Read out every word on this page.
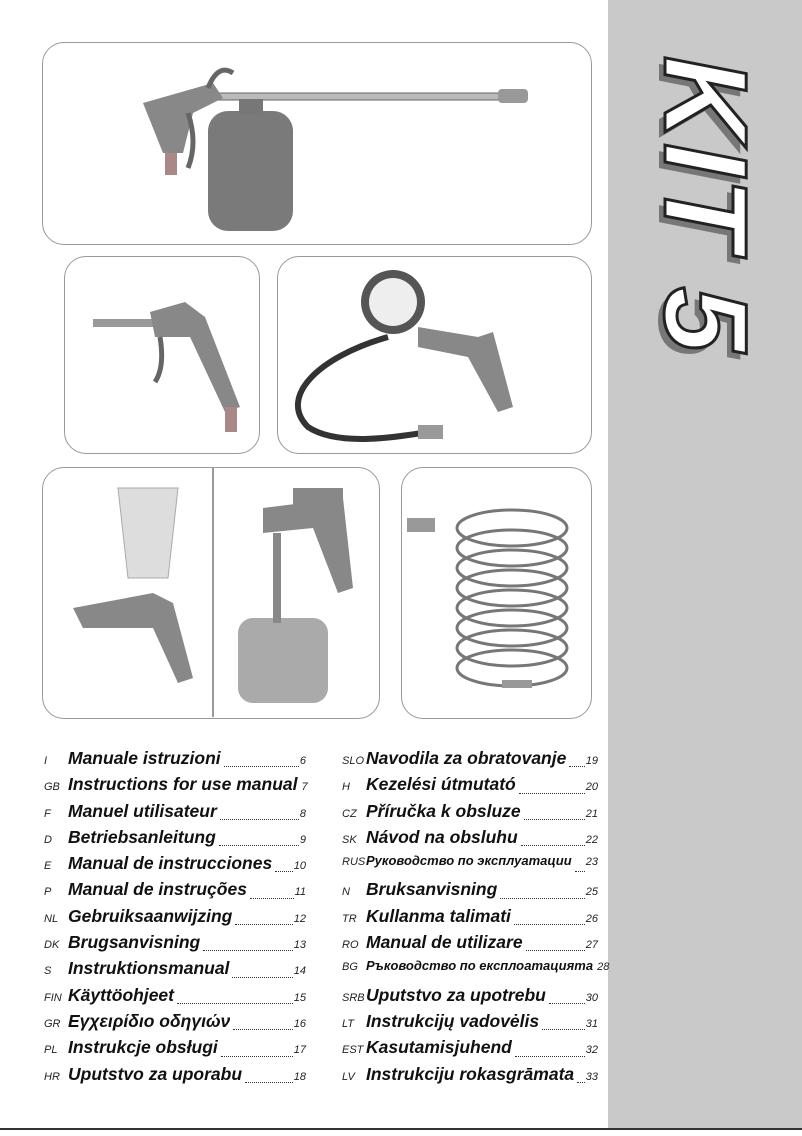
KIT 5
I	Manuale istruzioni	6
GB Instructions for use manual 7
F Manuel utilisateur	8
D Betriebsanleitung	9
E Manual de instrucciones 10
P Manual de instruções	11
NL Gebruiksaanwijzing	12
DK Brugsanvisning	13
S Instruktionsmanual	14
FIN Käyttöohjeet	15
GR Εγχειρίδιο οδηγιών	16
PL Instrukcje obsługi	17
HR Uputstvo za uporabu	18
SLO Navodila za obratovanje 19
H Kezelési útmutató	20
CZ Příručka k obsluze	21
SK Návod na obsluhu	22
RUS Руководство по эксплуатации 23
N Bruksanvisning	25
TR Kullanma talimati	26
RO Manual de utilizare	27
BG Ръководство по експлоатацията 28
SRB Uputstvo za upotrebu	30
LT Instrukcijų vadovėlis	31
EST Kasutamisjuhend	32
LV Instrukciju rokasgrāmata 33
